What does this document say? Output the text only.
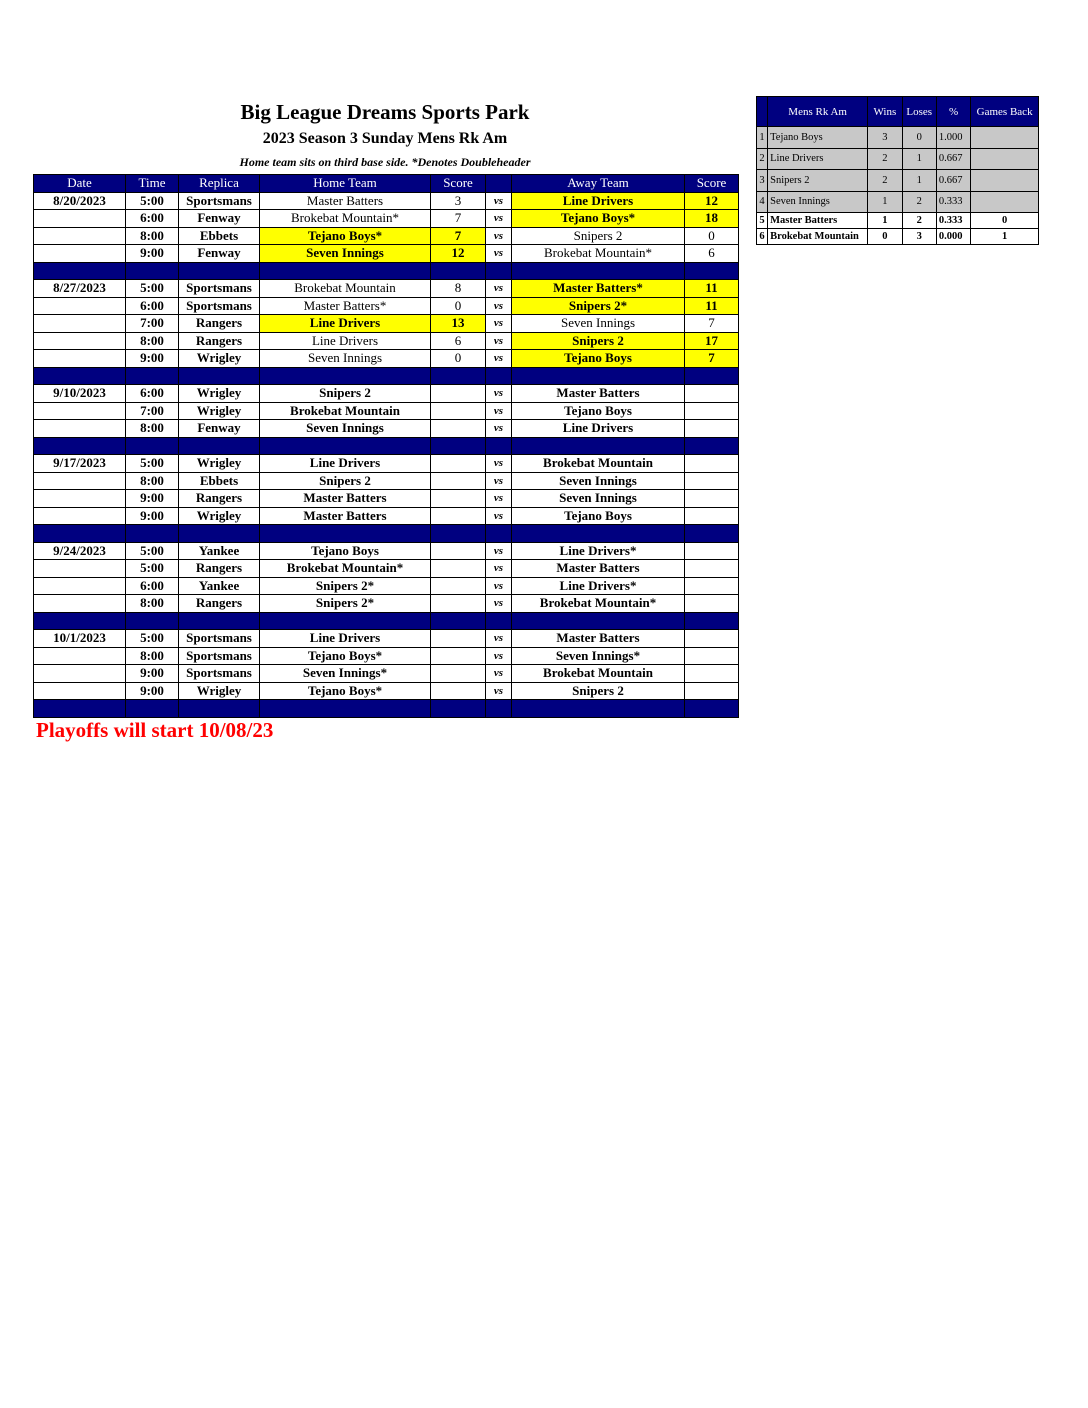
Big League Dreams Sports Park
2023 Season 3 Sunday Mens Rk Am
Home team sits on third base side. *Denotes Doubleheader
Date	Time	Replica	Home Team	Score		Away Team	Score
8/20/2023	5:00	Sportsmans	Master Batters	3	vs	Line Drivers	12
	6:00	Fenway	Brokebat Mountain*	7	vs	Tejano Boys*	18
	8:00	Ebbets	Tejano Boys*	7	vs	Snipers 2	0
	9:00	Fenway	Seven Innings	12	vs	Brokebat Mountain*	6

8/27/2023	5:00	Sportsmans	Brokebat Mountain	8	vs	Master Batters*	11
	6:00	Sportsmans	Master Batters*	0	vs	Snipers 2*	11
	7:00	Rangers	Line Drivers	13	vs	Seven Innings	7
	8:00	Rangers	Line Drivers	6	vs	Snipers 2	17
	9:00	Wrigley	Seven Innings	0	vs	Tejano Boys	7

9/10/2023	6:00	Wrigley	Snipers 2		vs	Master Batters	
	7:00	Wrigley	Brokebat Mountain		vs	Tejano Boys	
	8:00	Fenway	Seven Innings		vs	Line Drivers	

9/17/2023	5:00	Wrigley	Line Drivers		vs	Brokebat Mountain	
	8:00	Ebbets	Snipers 2		vs	Seven Innings	
	9:00	Rangers	Master Batters		vs	Seven Innings	
	9:00	Wrigley	Master Batters		vs	Tejano Boys	

9/24/2023	5:00	Yankee	Tejano Boys		vs	Line Drivers*	
	5:00	Rangers	Brokebat Mountain*		vs	Master Batters	
	6:00	Yankee	Snipers 2*		vs	Line Drivers*	
	8:00	Rangers	Snipers 2*		vs	Brokebat Mountain*	

10/1/2023	5:00	Sportsmans	Line Drivers		vs	Master Batters	
	8:00	Sportsmans	Tejano Boys*		vs	Seven Innings*	
	9:00	Sportsmans	Seven Innings*		vs	Brokebat Mountain	
	9:00	Wrigley	Tejano Boys*		vs	Snipers 2	

	Mens Rk Am	Wins	Loses	%	Games Back
1	Tejano Boys	3	0	1.000	
2	Line Drivers	2	1	0.667	
3	Snipers 2	2	1	0.667	
4	Seven Innings	1	2	0.333	
5	Master Batters	1	2	0.333	0
6	Brokebat Mountain	0	3	0.000	1
Playoffs will start 10/08/23
